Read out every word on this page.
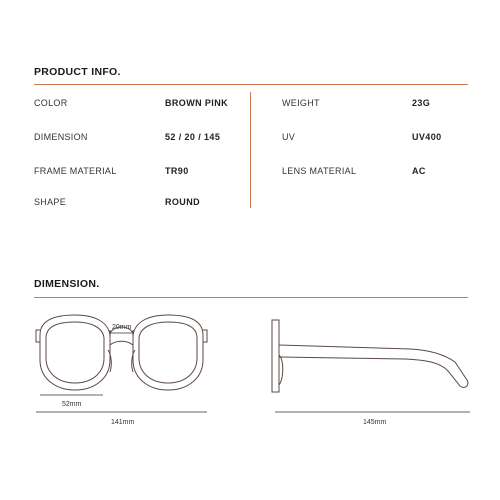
PRODUCT INFO.
COLOR	BROWN PINK
DIMENSION	52 / 20 / 145
FRAME MATERIAL	TR90
SHAPE	ROUND
WEIGHT	23G
UV	UV400
LENS MATERIAL	AC
DIMENSION.
20mm
52mm
141mm	145mm
